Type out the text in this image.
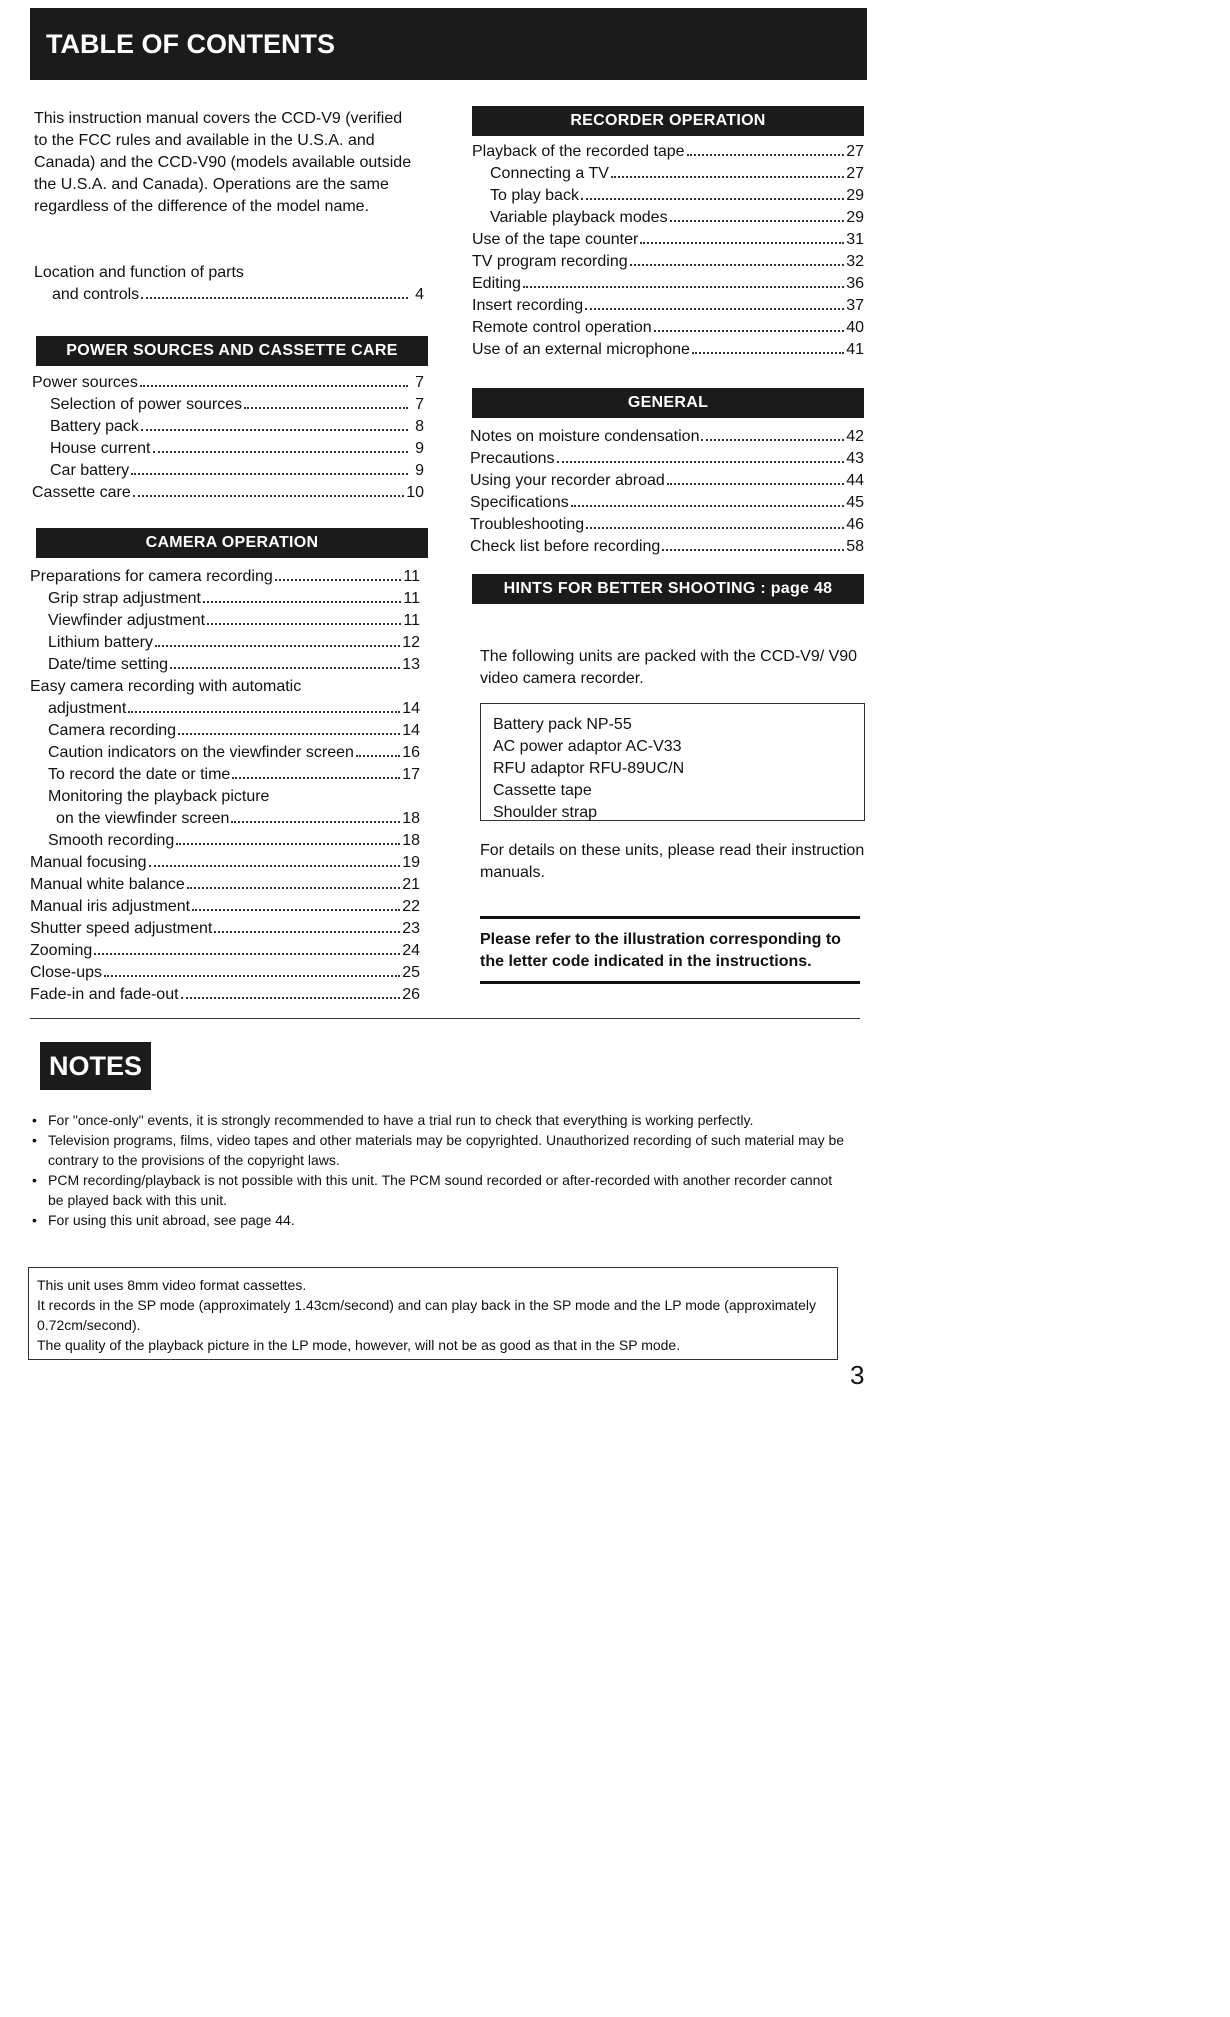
TABLE OF CONTENTS
This instruction manual covers the CCD-V9 (verified to the FCC rules and available in the U.S.A. and Canada) and the CCD-V90 (models available outside the U.S.A. and Canada). Operations are the same regardless of the difference of the model name.
Location and function of parts
and controls	4
POWER SOURCES AND CASSETTE CARE
Power sources	7
Selection of power sources	7
Battery pack	8
House current	9
Car battery	9
Cassette care	10
CAMERA OPERATION
Preparations for camera recording	11
Grip strap adjustment	11
Viewfinder adjustment	11
Lithium battery	12
Date/time setting	13
Easy camera recording with automatic
adjustment	14
Camera recording	14
Caution indicators on the viewfinder screen	16
To record the date or time	17
Monitoring the playback picture
on the viewfinder screen	18
Smooth recording	18
Manual focusing	19
Manual white balance	21
Manual iris adjustment	22
Shutter speed adjustment	23
Zooming	24
Close-ups	25
Fade-in and fade-out	26
RECORDER OPERATION
Playback of the recorded tape	27
Connecting a TV	27
To play back	29
Variable playback modes	29
Use of the tape counter	31
TV program recording	32
Editing	36
Insert recording	37
Remote control operation	40
Use of an external microphone	41
GENERAL
Notes on moisture condensation	42
Precautions	43
Using your recorder abroad	44
Specifications	45
Troubleshooting	46
Check list before recording	58
HINTS FOR BETTER SHOOTING : page 48
The following units are packed with the CCD-V9/ V90 video camera recorder.
Battery pack NP-55
AC power adaptor AC-V33
RFU adaptor RFU-89UC/N
Cassette tape
Shoulder strap
For details on these units, please read their instruction manuals.
Please refer to the illustration corresponding to the letter code indicated in the instructions.
NOTES
• For "once-only" events, it is strongly recommended to have a trial run to check that everything is working perfectly.
• Television programs, films, video tapes and other materials may be copyrighted. Unauthorized recording of such material may be contrary to the provisions of the copyright laws.
• PCM recording/playback is not possible with this unit. The PCM sound recorded or after-recorded with another recorder cannot be played back with this unit.
• For using this unit abroad, see page 44.
This unit uses 8mm video format cassettes.
It records in the SP mode (approximately 1.43cm/second) and can play back in the SP mode and the LP mode (approximately 0.72cm/second).
The quality of the playback picture in the LP mode, however, will not be as good as that in the SP mode.
3
